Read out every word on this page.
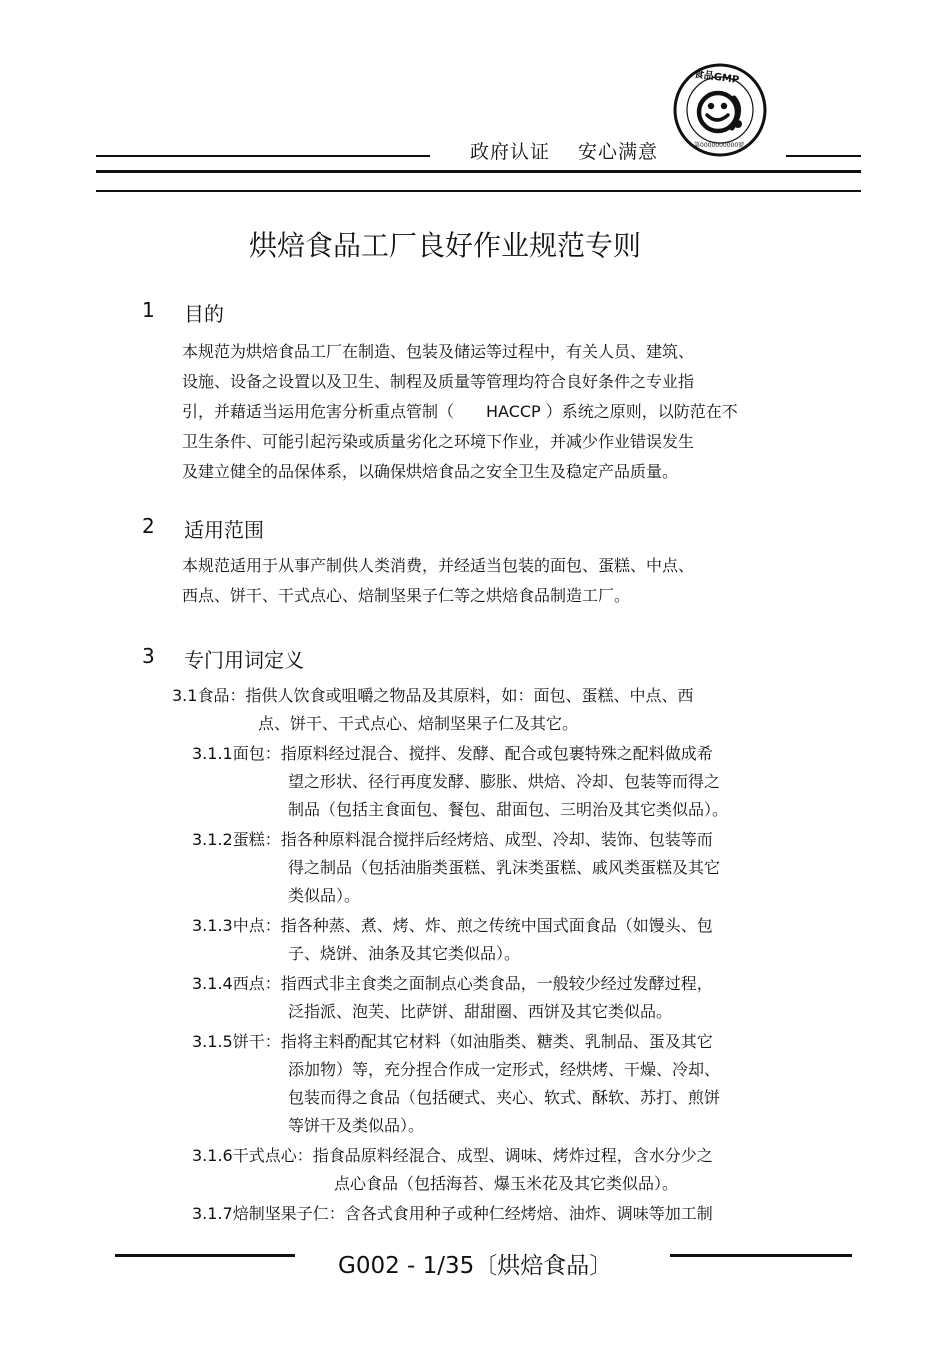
政府认证 安心满意
食品GMP
第0000000000號
烘焙食品工厂良好作业规范专则
1 目的
本规范为烘焙食品工厂在制造、包装及储运等过程中，有关人员、建筑、
设施、设备之设置以及卫生、制程及质量等管理均符合良好条件之专业指
引，并藉适当运用危害分析重点管制（　　HACCP ）系统之原则，以防范在不
卫生条件、可能引起污染或质量劣化之环境下作业，并减少作业错误发生
及建立健全的品保体系，以确保烘焙食品之安全卫生及稳定产品质量。
2 适用范围
本规范适用于从事产制供人类消费，并经适当包装的面包、蛋糕、中点、
西点、饼干、干式点心、焙制坚果子仁等之烘焙食品制造工厂。
3 专门用词定义
3.1食品：指供人饮食或咀嚼之物品及其原料，如：面包、蛋糕、中点、西
点、饼干、干式点心、焙制坚果子仁及其它。
3.1.1面包：指原料经过混合、搅拌、发酵、配合或包裹特殊之配料做成希
望之形状、径行再度发酵、膨胀、烘焙、冷却、包装等而得之
制品（包括主食面包、餐包、甜面包、三明治及其它类似品）。
3.1.2蛋糕：指各种原料混合搅拌后经烤焙、成型、冷却、装饰、包装等而
得之制品（包括油脂类蛋糕、乳沫类蛋糕、戚风类蛋糕及其它
类似品）。
3.1.3中点：指各种蒸、煮、烤、炸、煎之传统中国式面食品（如馒头、包
子、烧饼、油条及其它类似品）。
3.1.4西点：指西式非主食类之面制点心类食品，一般较少经过发酵过程，
泛指派、泡芙、比萨饼、甜甜圈、西饼及其它类似品。
3.1.5饼干：指将主料酌配其它材料（如油脂类、糖类、乳制品、蛋及其它
添加物）等，充分捏合作成一定形式，经烘烤、干燥、冷却、
包装而得之食品（包括硬式、夹心、软式、酥软、苏打、煎饼
等饼干及类似品）。
3.1.6干式点心：指食品原料经混合、成型、调味、烤炸过程，含水分少之
点心食品（包括海苔、爆玉米花及其它类似品）。
3.1.7焙制坚果子仁：含各式食用种子或种仁经烤焙、油炸、调味等加工制
G002 - 1/35〔烘焙食品〕
